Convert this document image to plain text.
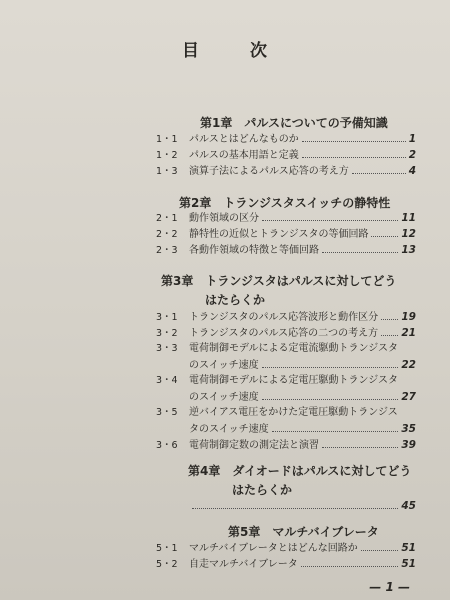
目	次
第1章 パルスについての予備知識
1・1	パルスとはどんなものか	1
1・2	パルスの基本用語と定義	2
1・3	演算子法によるパルス応答の考え方	4
第2章 トランジスタスイッチの静特性
2・1	動作領域の区分	11
2・2	静特性の近似とトランジスタの等価回路	12
2・3	各動作領域の特徴と等価回路	13
第3章 トランジスタはパルスに対してどう
はたらくか
3・1	トランジスタのパルス応答波形と動作区分 19
3・2	トランジスタのパルス応答の二つの考え方 21
3・3	電荷制御モデルによる定電流駆動トランジスタ
のスイッチ速度	22
3・4	電荷制御モデルによる定電圧駆動トランジスタ
のスイッチ速度	27
3・5	逆バイアス電圧をかけた定電圧駆動トランジス
タのスイッチ速度	35
3・6	電荷制御定数の測定法と演習	39
第4章 ダイオードはパルスに対してどう
はたらくか
45
第5章 マルチバイブレータ
5・1	マルチバイブレータとはどんな回路か	51
5・2	自走マルチバイブレータ	51
— 1 —
